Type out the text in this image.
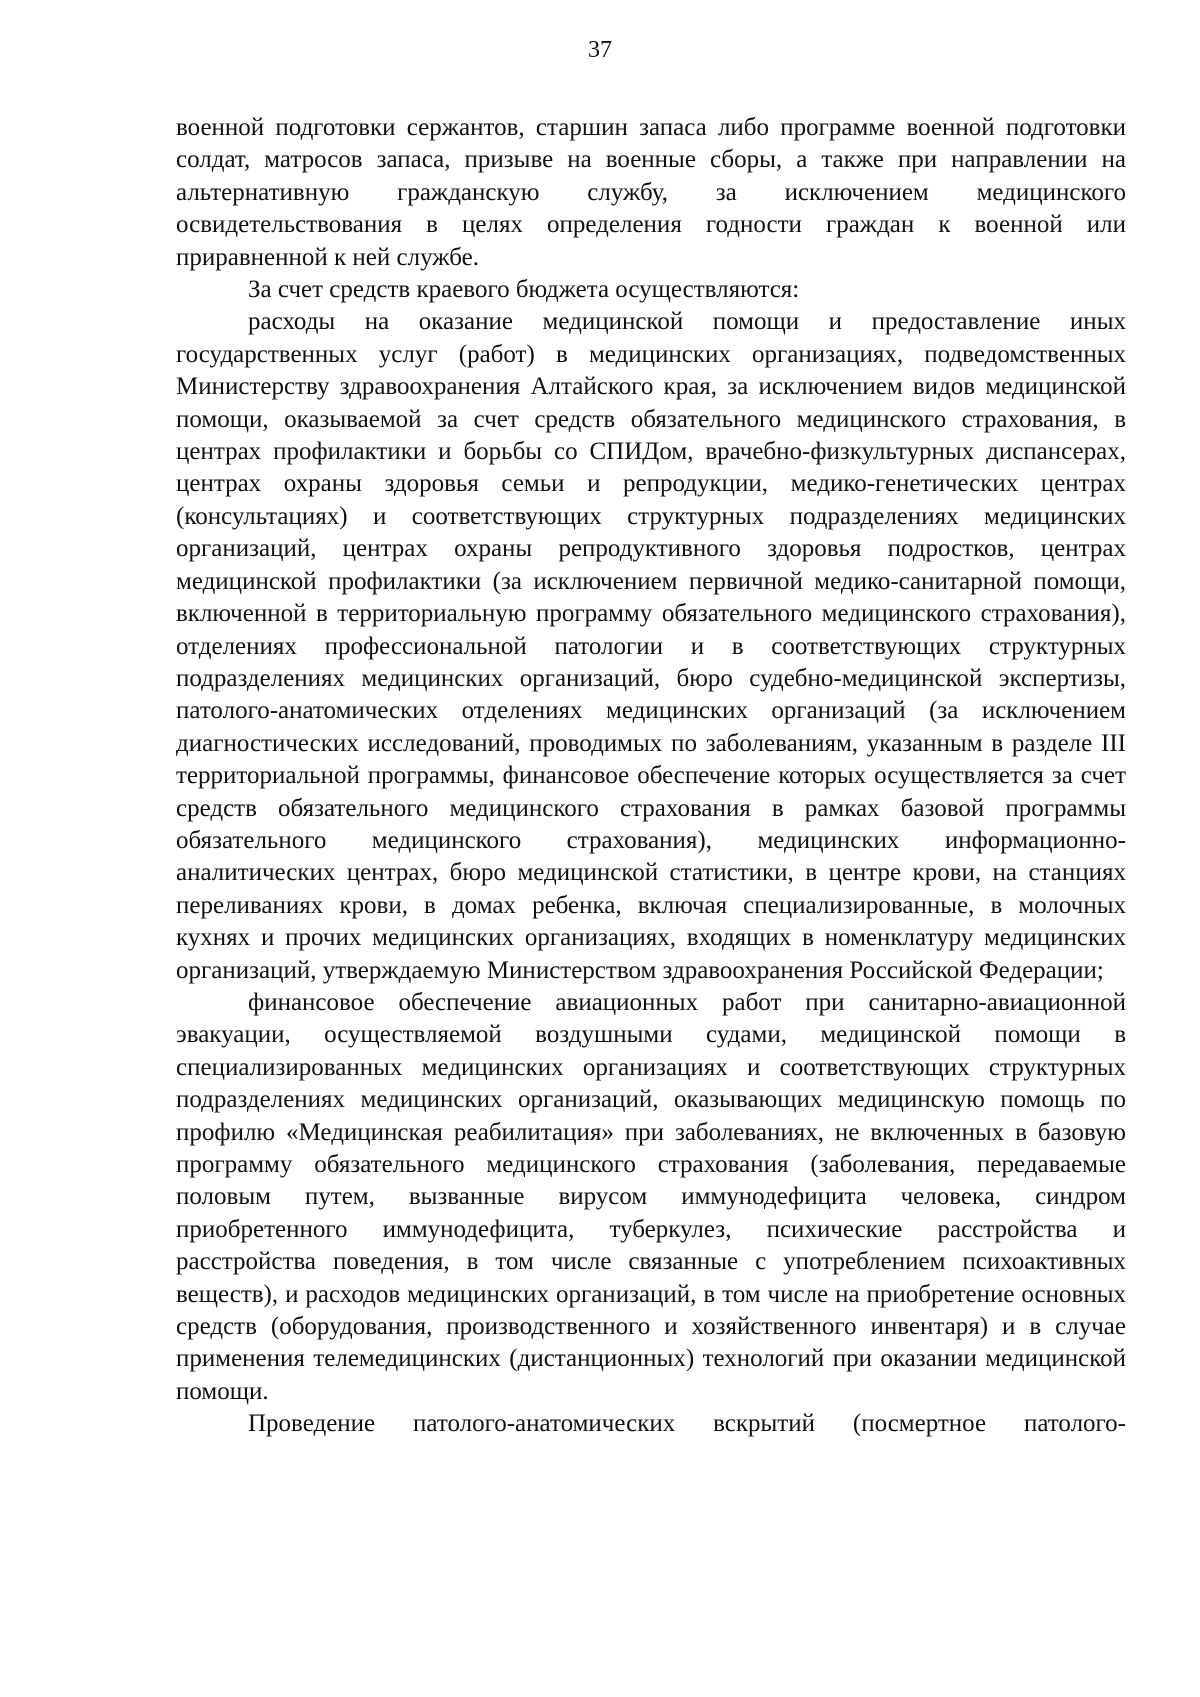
37

военной подготовки сержантов, старшин запаса либо программе военной подготовки солдат, матросов запаса, призыве на военные сборы, а также при направлении на альтернативную гражданскую службу, за исключением медицинского освидетельствования в целях определения годности граждан к военной или приравненной к ней службе.

За счет средств краевого бюджета осуществляются:

расходы на оказание медицинской помощи и предоставление иных государственных услуг (работ) в медицинских организациях, подведомственных Министерству здравоохранения Алтайского края, за исключением видов медицинской помощи, оказываемой за счет средств обязательного медицинского страхования, в центрах профилактики и борьбы со СПИДом, врачебно-физкультурных диспансерах, центрах охраны здоровья семьи и репродукции, медико-генетических центрах (консультациях) и соответствующих структурных подразделениях медицинских организаций, центрах охраны репродуктивного здоровья подростков, центрах медицинской профилактики (за исключением первичной медико-санитарной помощи, включенной в территориальную программу обязательного медицинского страхования), отделениях профессиональной патологии и в соответствующих структурных подразделениях медицинских организаций, бюро судебно-медицинской экспертизы, патолого-анатомических отделениях медицинских организаций (за исключением диагностических исследований, проводимых по заболеваниям, указанным в разделе III территориальной программы, финансовое обеспечение которых осуществляется за счет средств обязательного медицинского страхования в рамках базовой программы обязательного медицинского страхования), медицинских информационно-аналитических центрах, бюро медицинской статистики, в центре крови, на станциях переливаниях крови, в домах ребенка, включая специализированные, в молочных кухнях и прочих медицинских организациях, входящих в номенклатуру медицинских организаций, утверждаемую Министерством здравоохранения Российской Федерации;

финансовое обеспечение авиационных работ при санитарно-авиационной эвакуации, осуществляемой воздушными судами, медицинской помощи в специализированных медицинских организациях и соответствующих структурных подразделениях медицинских организаций, оказывающих медицинскую помощь по профилю «Медицинская реабилитация» при заболеваниях, не включенных в базовую программу обязательного медицинского страхования (заболевания, передаваемые половым путем, вызванные вирусом иммунодефицита человека, синдром приобретенного иммунодефицита, туберкулез, психические расстройства и расстройства поведения, в том числе связанные с употреблением психоактивных веществ), и расходов медицинских организаций, в том числе на приобретение основных средств (оборудования, производственного и хозяйственного инвентаря) и в случае применения телемедицинских (дистанционных) технологий при оказании медицинской помощи.

Проведение патолого-анатомических вскрытий (посмертное патолого-
